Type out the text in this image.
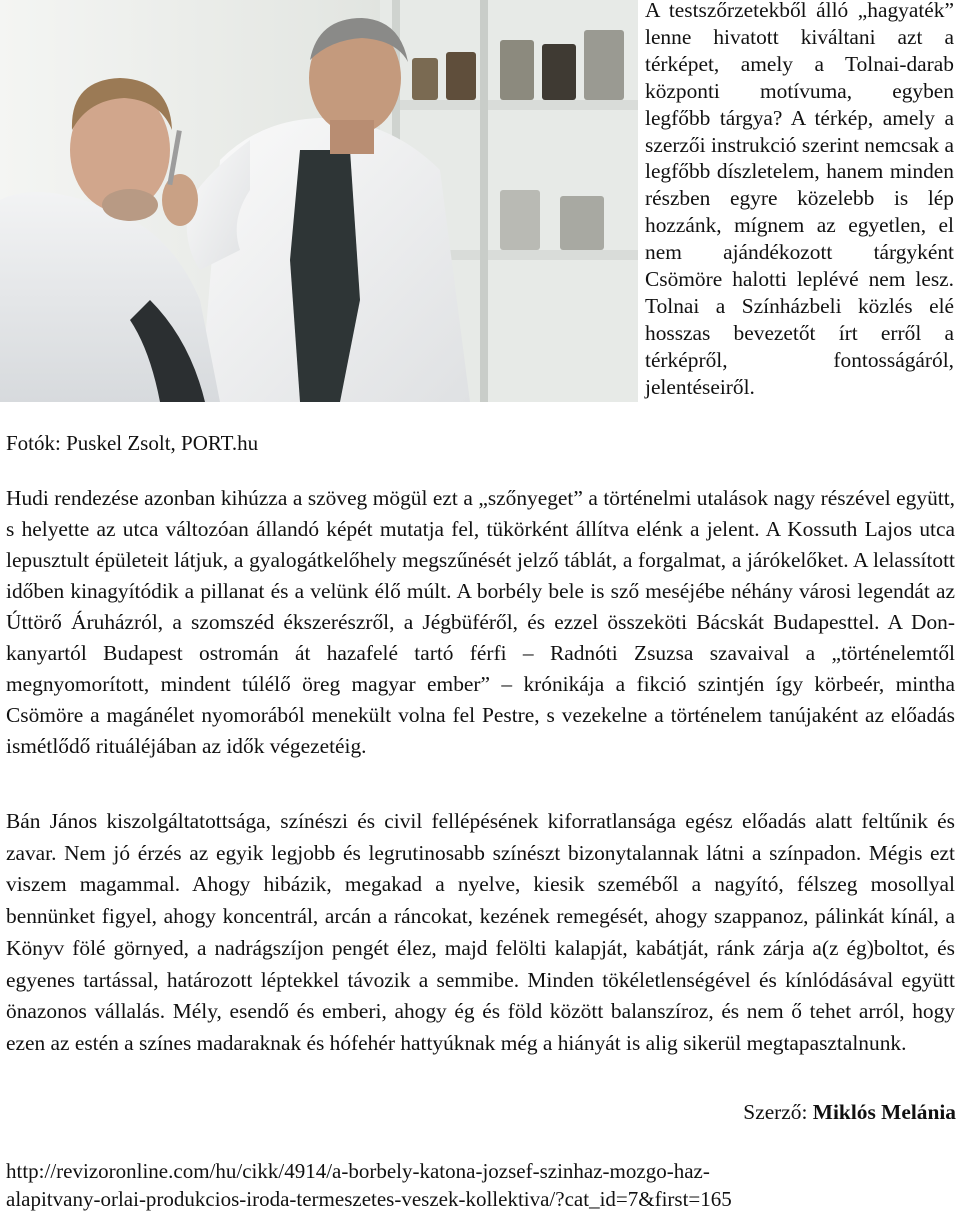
Fotók: Puskel Zsolt, PORT.hu

A testszőrzetekből álló „hagyaték” lenne hivatott kiváltani azt a térképet, amely a Tolnai-darab központi motívuma, egyben legfőbb tárgya? A térkép, amely a szerzői instrukció szerint nemcsak a legfőbb díszletelem, hanem minden részben egyre közelebb is lép hozzánk, mígnem az egyetlen, el nem ajándékozott tárgyként Csömöre halotti leplévé nem lesz. Tolnai a Színházbeli közlés elé hosszas bevezetőt írt erről a térképről, fontosságáról, jelentéseiről.

Hudi rendezése azonban kihúzza a szöveg mögül ezt a „szőnyeget” a történelmi utalások nagy részével együtt, s helyette az utca változóan állandó képét mutatja fel, tükörként állítva elénk a jelent. A Kossuth Lajos utca lepusztult épületeit látjuk, a gyalogátkelőhely megszűnését jelző táblát, a forgalmat, a járókelőket. A lelassított időben kinagyítódik a pillanat és a velünk élő múlt. A borbély bele is sző meséjébe néhány városi legendát az Úttörő Áruházról, a szomszéd ékszerészről, a Jégbüféről, és ezzel összeköti Bácskát Budapesttel. A Don-kanyartól Budapest ostromán át hazafelé tartó férfi – Radnóti Zsuzsa szavaival a „történelemtől megnyomorított, mindent túlélő öreg magyar ember” – krónikája a fikció szintjén így körbeér, mintha Csömöre a magánélet nyomorából menekült volna fel Pestre, s vezekelne a történelem tanújaként az előadás ismétlődő rituáléjában az idők végezetéig.

Bán János kiszolgáltatottsága, színészi és civil fellépésének kiforratlansága egész előadás alatt feltűnik és zavar. Nem jó érzés az egyik legjobb és legrutinosabb színészt bizonytalannak látni a színpadon. Mégis ezt viszem magammal. Ahogy hibázik, megakad a nyelve, kiesik szeméből a nagyító, félszeg mosollyal bennünket figyel, ahogy koncentrál, arcán a ráncokat, kezének remegését, ahogy szappanoz, pálinkát kínál, a Könyv fölé görnyed, a nadrágszíjon pengét élez, majd felölti kalapját, kabátját, ránk zárja a(z ég)boltot, és egyenes tartással, határozott léptekkel távozik a semmibe. Minden tökéletlenségével és kínlódásával együtt önazonos vállalás. Mély, esendő és emberi, ahogy ég és föld között balanszíroz, és nem ő tehet arról, hogy ezen az estén a színes madaraknak és hófehér hattyúknak még a hiányát is alig sikerül megtapasztalnunk.

Szerző: Miklós Melánia
http://revizoronline.com/hu/cikk/4914/a-borbely-katona-jozsef-szinhaz-mozgo-haz-
alapitvany-orlai-produkcios-iroda-termeszetes-veszek-kollektiva/?cat_id=7&first=165
